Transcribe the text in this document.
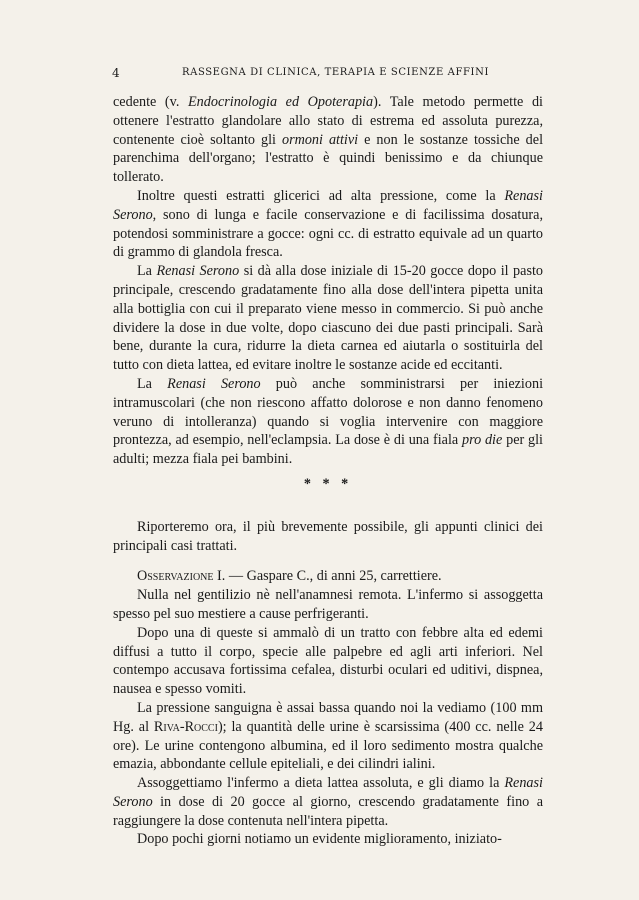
4	RASSEGNA DI CLINICA, TERAPIA E SCIENZE AFFINI

cedente (v. Endocrinologia ed Opoterapia). Tale metodo permette di ottenere l'estratto glandolare allo stato di estrema ed assoluta purezza, contenente cioè soltanto gli ormoni attivi e non le sostanze tossiche del parenchima dell'organo; l'estratto è quindi benissimo e da chiunque tollerato.

Inoltre questi estratti glicerici ad alta pressione, come la Renasi Serono, sono di lunga e facile conservazione e di facilissima dosatura, potendosi somministrare a gocce: ogni cc. di estratto equivale ad un quarto di grammo di glandola fresca.

La Renasi Serono si dà alla dose iniziale di 15-20 gocce dopo il pasto principale, crescendo gradatamente fino alla dose dell'intera pipetta unita alla bottiglia con cui il preparato viene messo in commercio. Si può anche dividere la dose in due volte, dopo ciascuno dei due pasti principali. Sarà bene, durante la cura, ridurre la dieta carnea ed aiutarla o sostituirla del tutto con dieta lattea, ed evitare inoltre le sostanze acide ed eccitanti.

La Renasi Serono può anche somministrarsi per iniezioni intramuscolari (che non riescono affatto dolorose e non danno fenomeno veruno di intolleranza) quando si voglia intervenire con maggiore prontezza, ad esempio, nell'eclampsia. La dose è di una fiala pro die per gli adulti; mezza fiala pei bambini.

* * *

Riporteremo ora, il più brevemente possibile, gli appunti clinici dei principali casi trattati.

Osservazione I. — Gaspare C., di anni 25, carrettiere.

Nulla nel gentilizio nè nell'anamnesi remota. L'infermo si assoggetta spesso pel suo mestiere a cause perfrigeranti.

Dopo una di queste si ammalò di un tratto con febbre alta ed edemi diffusi a tutto il corpo, specie alle palpebre ed agli arti inferiori. Nel contempo accusava fortissima cefalea, disturbi oculari ed uditivi, dispnea, nausea e spesso vomiti.

La pressione sanguigna è assai bassa quando noi la vediamo (100 mm Hg. al Riva-Rocci); la quantità delle urine è scarsissima (400 cc. nelle 24 ore). Le urine contengono albumina, ed il loro sedimento mostra qualche emazia, abbondante cellule epiteliali, e dei cilindri ialini.

Assoggettiamo l'infermo a dieta lattea assoluta, e gli diamo la Renasi Serono in dose di 20 gocce al giorno, crescendo gradatamente fino a raggiungere la dose contenuta nell'intera pipetta.

Dopo pochi giorni notiamo un evidente miglioramento, iniziato-
